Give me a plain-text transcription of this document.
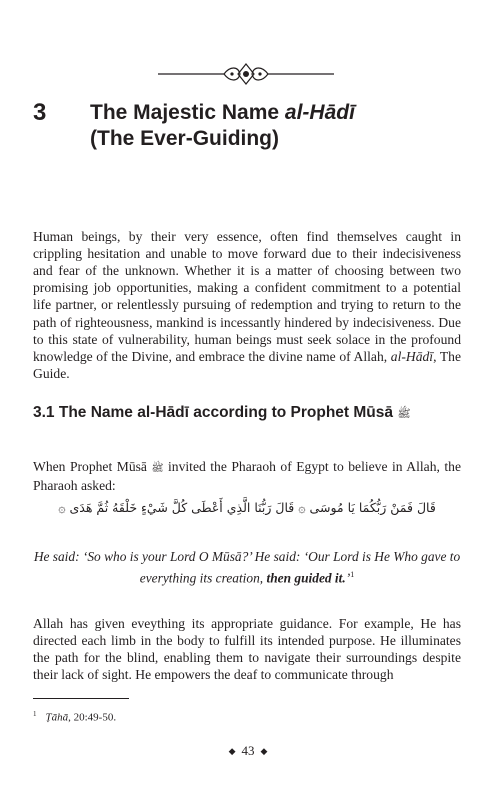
3 The Majestic Name al-Hādī
(The Ever-Guiding)

Human beings, by their very essence, often find themselves caught in crippling hesitation and unable to move forward due to their indecisiveness and fear of the unknown. Whether it is a matter of choosing between two promising job opportunities, making a confident commitment to a potential life partner, or relentlessly pursuing of redemption and trying to return to the path of righteousness, mankind is incessantly hindered by indecisiveness. Due to this state of vulnerability, human beings must seek solace in the profound knowledge of the Divine, and embrace the divine name of Allah, al-Hādī, The Guide.

3.1 The Name al-Hādī according to Prophet Mūsā ﷺ

When Prophet Mūsā ﷺ invited the Pharaoh of Egypt to believe in Allah, the Pharaoh asked:

قَالَ فَمَنْ رَبُّكُمَا يَا مُوسَى ۞ قَالَ رَبُّنَا الَّذِي أَعْطَى كُلَّ شَيْءٍ خَلْقَهُ ثُمَّ هَدَى ۞
He said: ‘So who is your Lord O Mūsā?’ He said: ‘Our Lord is He Who gave to everything its creation, then guided it.’$^1$

Allah has given eveything its appropriate guidance. For example, He has directed each limb in the body to fulfill its intended purpose. He illuminates the path for the blind, enabling them to navigate their surroundings despite their lack of sight. He empowers the deaf to communicate through

$^1$ Ṭāhā, 20:49-50.
◆ 43 ◆
